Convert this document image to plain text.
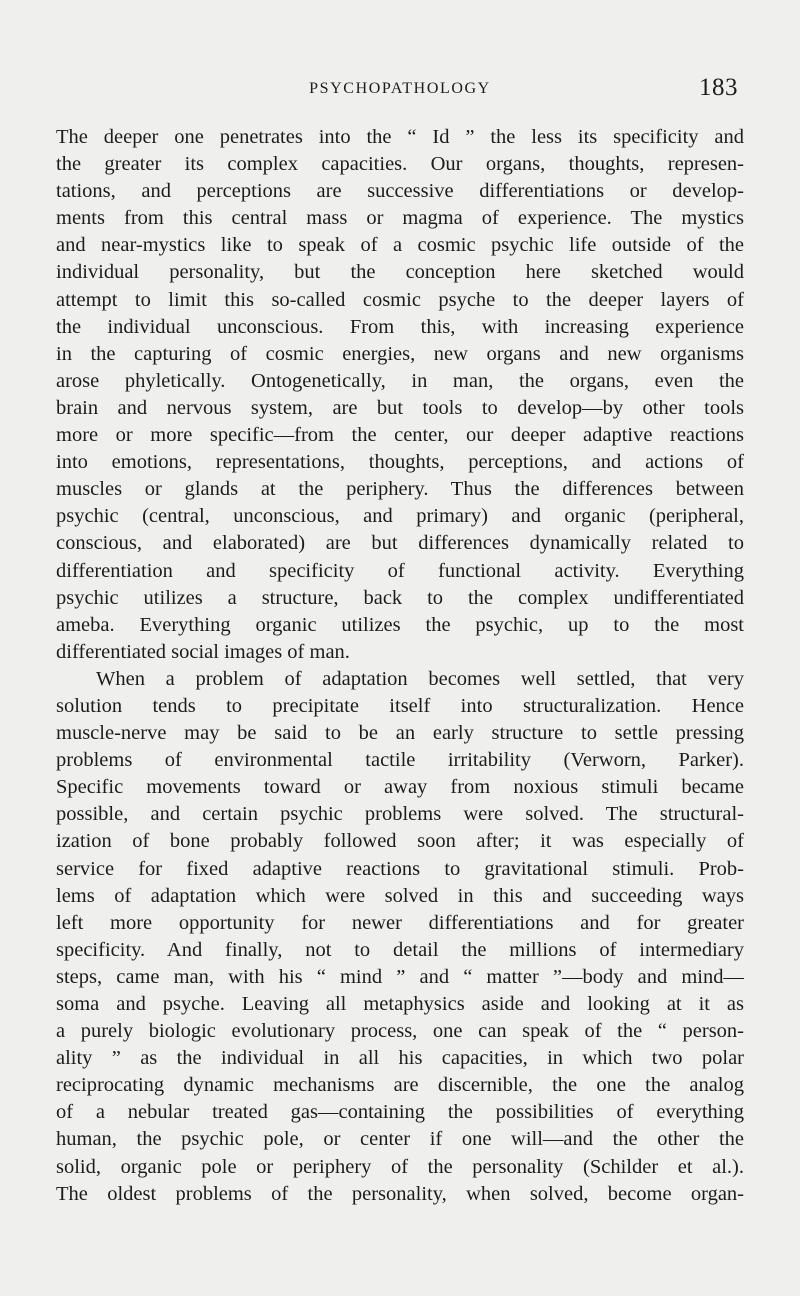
PSYCHOPATHOLOGY	183
The deeper one penetrates into the “ Id ” the less its specificity and
the greater its complex capacities. Our organs, thoughts, represen-
tations, and perceptions are successive differentiations or develop-
ments from this central mass or magma of experience. The mystics
and near-mystics like to speak of a cosmic psychic life outside of the
individual personality, but the conception here sketched would
attempt to limit this so-called cosmic psyche to the deeper layers of
the individual unconscious. From this, with increasing experience
in the capturing of cosmic energies, new organs and new organisms
arose phyletically. Ontogenetically, in man, the organs, even the
brain and nervous system, are but tools to develop—by other tools
more or more specific—from the center, our deeper adaptive reactions
into emotions, representations, thoughts, perceptions, and actions of
muscles or glands at the periphery. Thus the differences between
psychic (central, unconscious, and primary) and organic (peripheral,
conscious, and elaborated) are but differences dynamically related to
differentiation and specificity of functional activity. Everything
psychic utilizes a structure, back to the complex undifferentiated
ameba. Everything organic utilizes the psychic, up to the most
differentiated social images of man.
When a problem of adaptation becomes well settled, that very
solution tends to precipitate itself into structuralization. Hence
muscle-nerve may be said to be an early structure to settle pressing
problems of environmental tactile irritability (Verworn, Parker).
Specific movements toward or away from noxious stimuli became
possible, and certain psychic problems were solved. The structural-
ization of bone probably followed soon after; it was especially of
service for fixed adaptive reactions to gravitational stimuli. Prob-
lems of adaptation which were solved in this and succeeding ways
left more opportunity for newer differentiations and for greater
specificity. And finally, not to detail the millions of intermediary
steps, came man, with his “ mind ” and “ matter ”—body and mind—
soma and psyche. Leaving all metaphysics aside and looking at it as
a purely biologic evolutionary process, one can speak of the “ person-
ality ” as the individual in all his capacities, in which two polar
reciprocating dynamic mechanisms are discernible, the one the analog
of a nebular treated gas—containing the possibilities of everything
human, the psychic pole, or center if one will—and the other the
solid, organic pole or periphery of the personality (Schilder et al.).
The oldest problems of the personality, when solved, become organ-
